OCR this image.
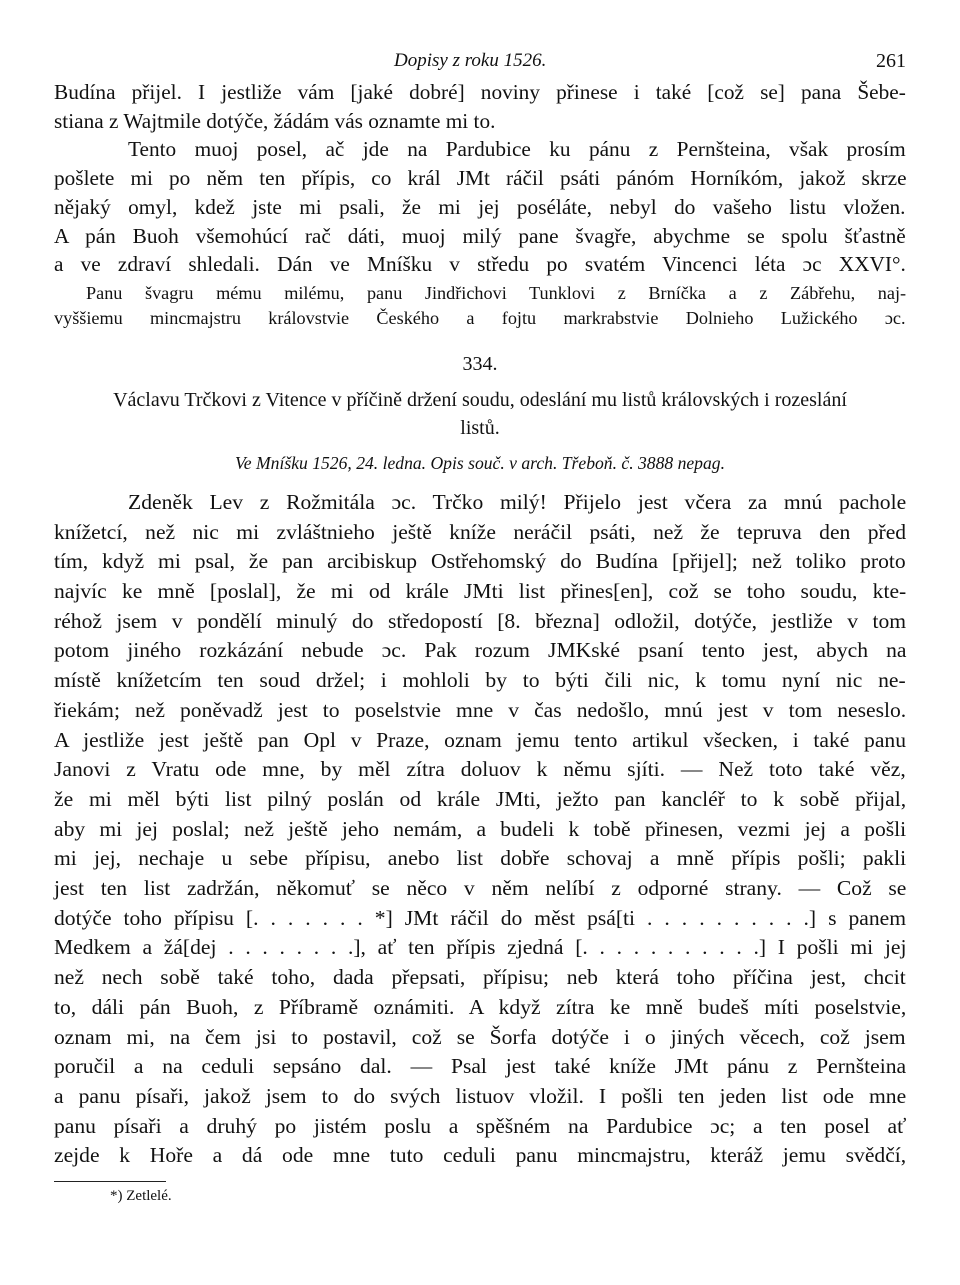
Dopisy z roku 1526.	261
Budína přijel. I jestliže vám [jaké dobré] noviny přinese i také [což se] pana Šebe-
stiana z Wajtmile dotýče, žádám vás oznamte mi to.
Tento muoj posel, ač jde na Pardubice ku pánu z Pernšteina, však prosím
pošlete mi po něm ten přípis, co král JMt ráčil psáti pánóm Horníkóm, jakož skrze
nějaký omyl, kdež jste mi psali, že mi jej poséláte, nebyl do vašeho listu vložen.
A pán Buoh všemohúcí rač dáti, muoj milý pane švagře, abychme se spolu šťastně
a ve zdraví shledali. Dán ve Mníšku v středu po svatém Vincenci léta ɔc XXVI°.
Panu švagru mému milému, panu Jindřichovi Tunklovi z Brníčka a z Zábřehu, naj-
vyššiemu mincmajstru královstvie Českého a fojtu markrabstvie Dolnieho Lužického ɔc.
334.
Václavu Trčkovi z Vitence v příčině držení soudu, odeslání mu listů královských i rozeslání
listů.
Ve Mníšku 1526, 24. ledna. Opis souč. v arch. Třeboň. č. 3888 nepag.
Zdeněk Lev z Rožmitála ɔc. Trčko milý! Přijelo jest včera za mnú pachole
knížetcí, než nic mi zvláštnieho ještě kníže neráčil psáti, než že tepruva den před
tím, když mi psal, že pan arcibiskup Ostřehomský do Budína [přijel]; než toliko proto
najvíc ke mně [poslal], že mi od krále JMti list přines[en], což se toho soudu, kte-
réhož jsem v pondělí minulý do středopostí [8. března] odložil, dotýče, jestliže v tom
potom jiného rozkázání nebude ɔc. Pak rozum JMKské psaní tento jest, abych na
místě knížetcím ten soud držel; i mohloli by to býti čili nic, k tomu nyní nic ne-
řiekám; než poněvadž jest to poselstvie mne v čas nedošlo, mnú jest v tom neseslo.
A jestliže jest ještě pan Opl v Praze, oznam jemu tento artikul všecken, i také panu
Janovi z Vratu ode mne, by měl zítra doluov k němu sjíti. — Než toto také věz,
že mi měl býti list pilný poslán od krále JMti, ježto pan kancléř to k sobě přijal,
aby mi jej poslal; než ještě jeho nemám, a budeli k tobě přinesen, vezmi jej a pošli
mi jej, nechaje u sebe přípisu, anebo list dobře schovaj a mně přípis pošli; pakli
jest ten list zadržán, někomuť se něco v něm nelíbí z odporné strany. — Což se
dotýče toho přípisu [. . . . . . . *] JMt ráčil do měst psá[ti . . . . . . . . . .] s panem
Medkem a žá[dej . . . . . . . .], ať ten přípis zjedná [. . . . . . . . . . .] I pošli mi jej
než nech sobě také toho, dada přepsati, přípisu; neb která toho příčina jest, chcit
to, dáli pán Buoh, z Příbramě oznámiti. A když zítra ke mně budeš míti poselstvie,
oznam mi, na čem jsi to postavil, což se Šorfa dotýče i o jiných věcech, což jsem
poručil a na ceduli sepsáno dal. — Psal jest také kníže JMt pánu z Pernšteina
a panu písaři, jakož jsem to do svých listuov vložil. I pošli ten jeden list ode mne
panu písaři a druhý po jistém poslu a spěšném na Pardubice ɔc; a ten posel ať
zejde k Hoře a dá ode mne tuto ceduli panu mincmajstru, kteráž jemu svědčí,
*) Zetlelé.
